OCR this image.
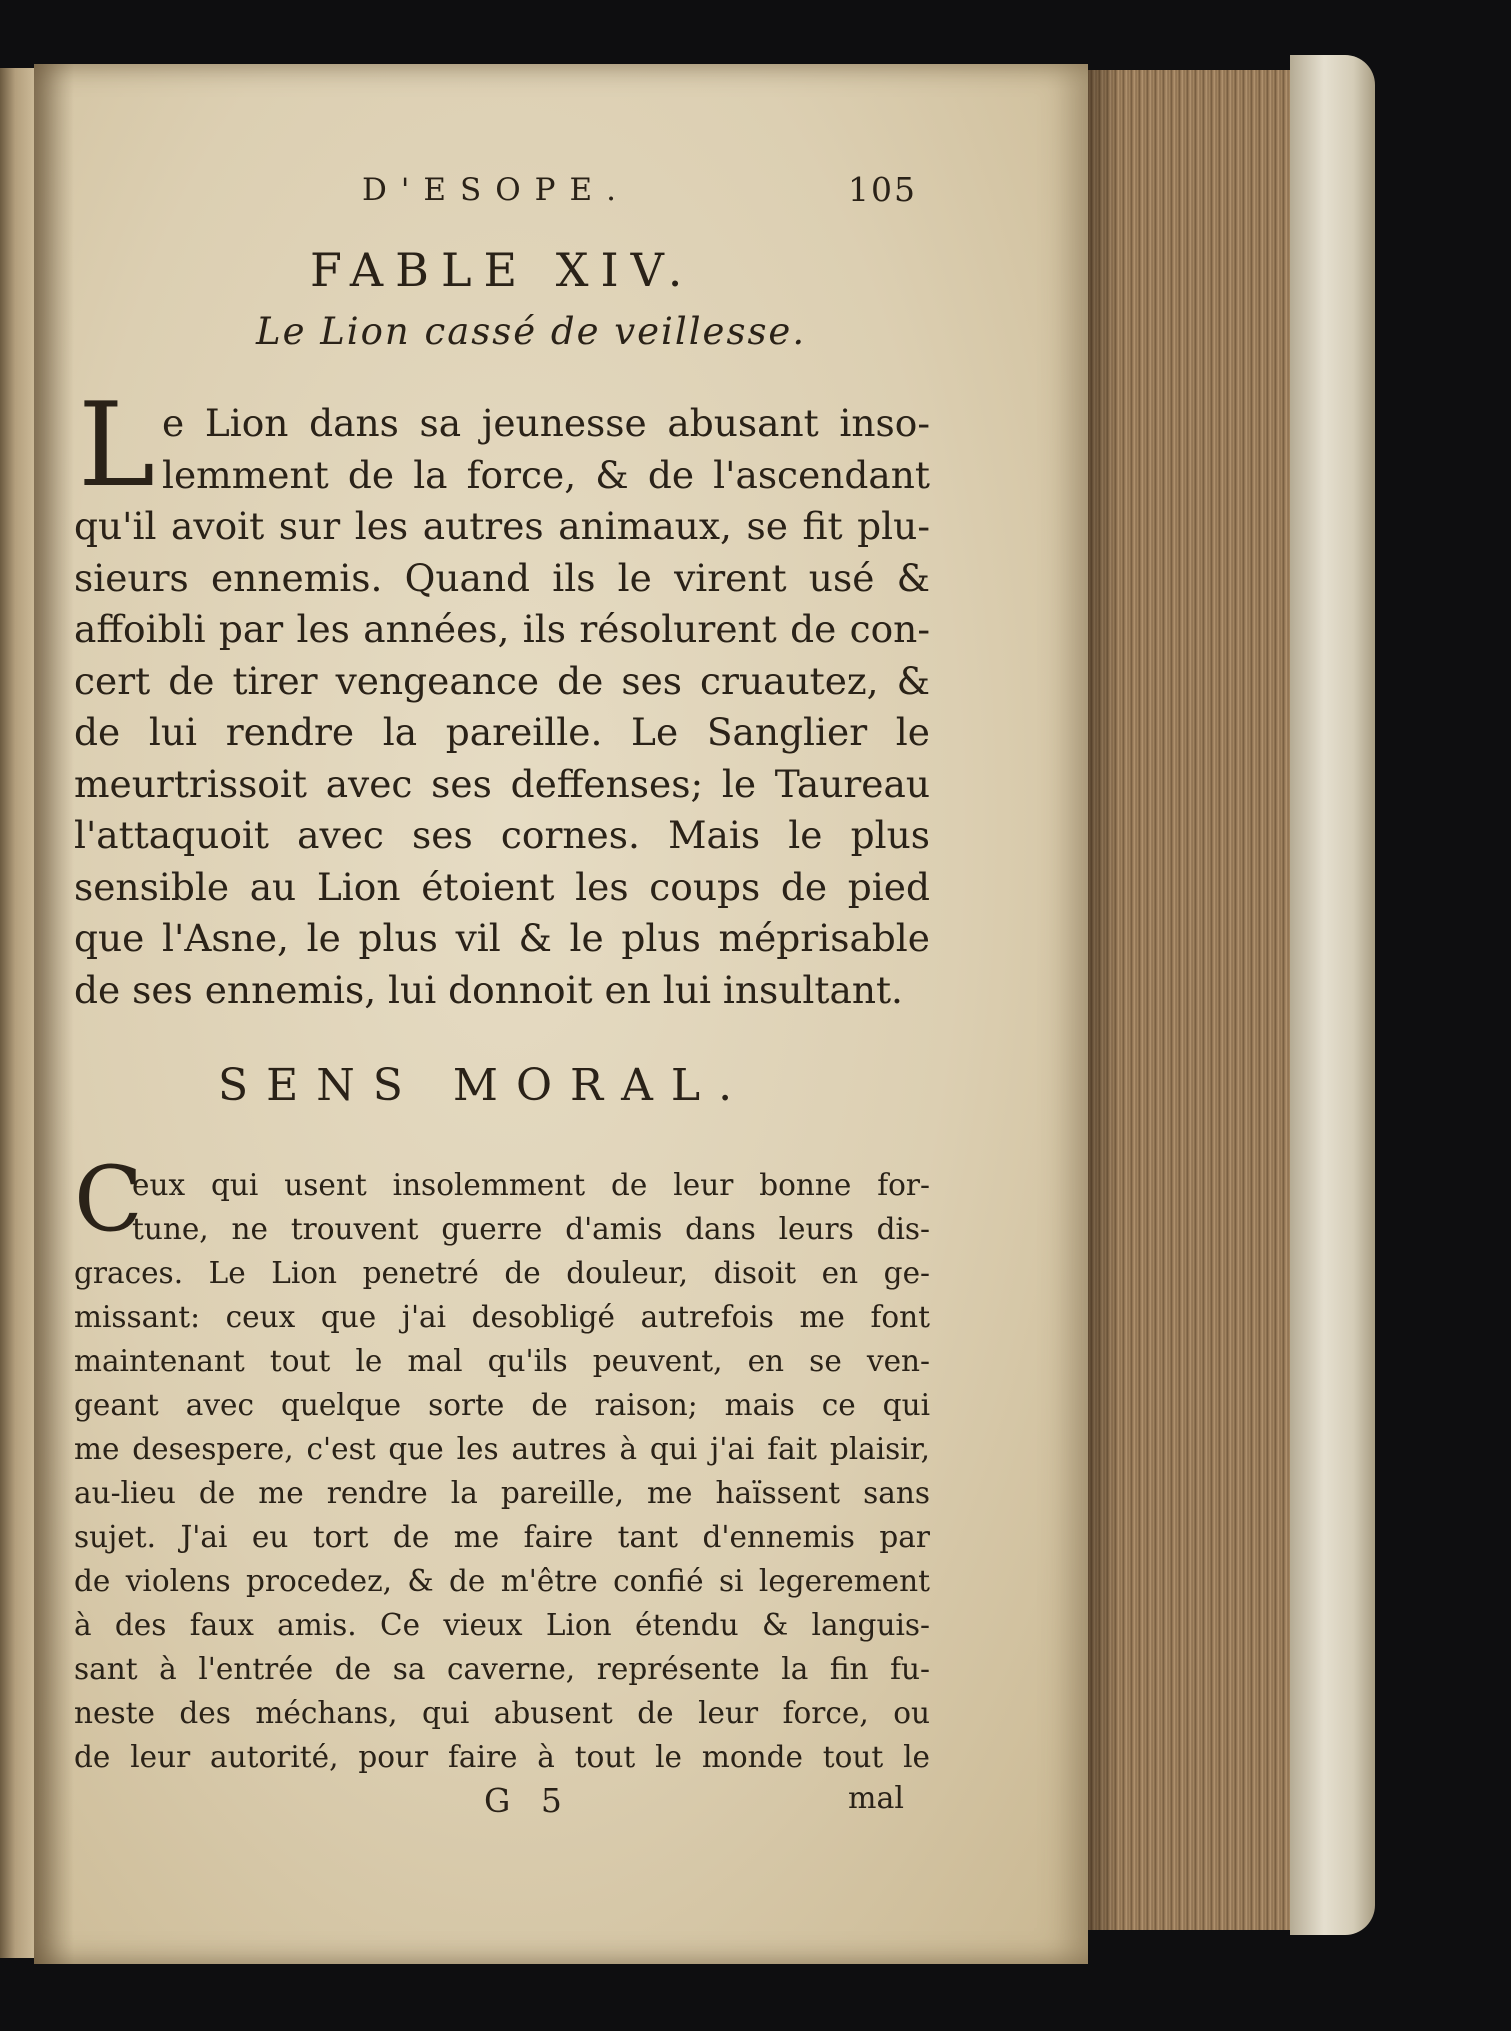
D'ESOPE.	105
FABLE XIV.
Le Lion cassé de veillesse.
L e Lion dans sa jeunesse abusant inso-
lemment de la force, & de l'ascendant
qu'il avoit sur les autres animaux, se fit plu-
sieurs ennemis. Quand ils le virent usé &
affoibli par les années, ils résolurent de con-
cert de tirer vengeance de ses cruautez, &
de lui rendre la pareille. Le Sanglier le
meurtrissoit avec ses deffenses; le Taureau
l'attaquoit avec ses cornes. Mais le plus
sensible au Lion étoient les coups de pied
que l'Asne, le plus vil & le plus méprisable
de ses ennemis, lui donnoit en lui insultant.
SENS MORAL.
C
eux qui usent insolemment de leur bonne for-
tune, ne trouvent guerre d'amis dans leurs dis-
graces. Le Lion penetré de douleur, disoit en ge-
missant: ceux que j'ai desobligé autrefois me font
maintenant tout le mal qu'ils peuvent, en se ven-
geant avec quelque sorte de raison; mais ce qui
me desespere, c'est que les autres à qui j'ai fait plaisir,
au-lieu de me rendre la pareille, me haïssent sans
sujet. J'ai eu tort de me faire tant d'ennemis par
de violens procedez, & de m'être confié si legerement
à des faux amis. Ce vieux Lion étendu & languis-
sant à l'entrée de sa caverne, représente la fin fu-
neste des méchans, qui abusent de leur force, ou
de leur autorité, pour faire à tout le monde tout le
G 5	mal
